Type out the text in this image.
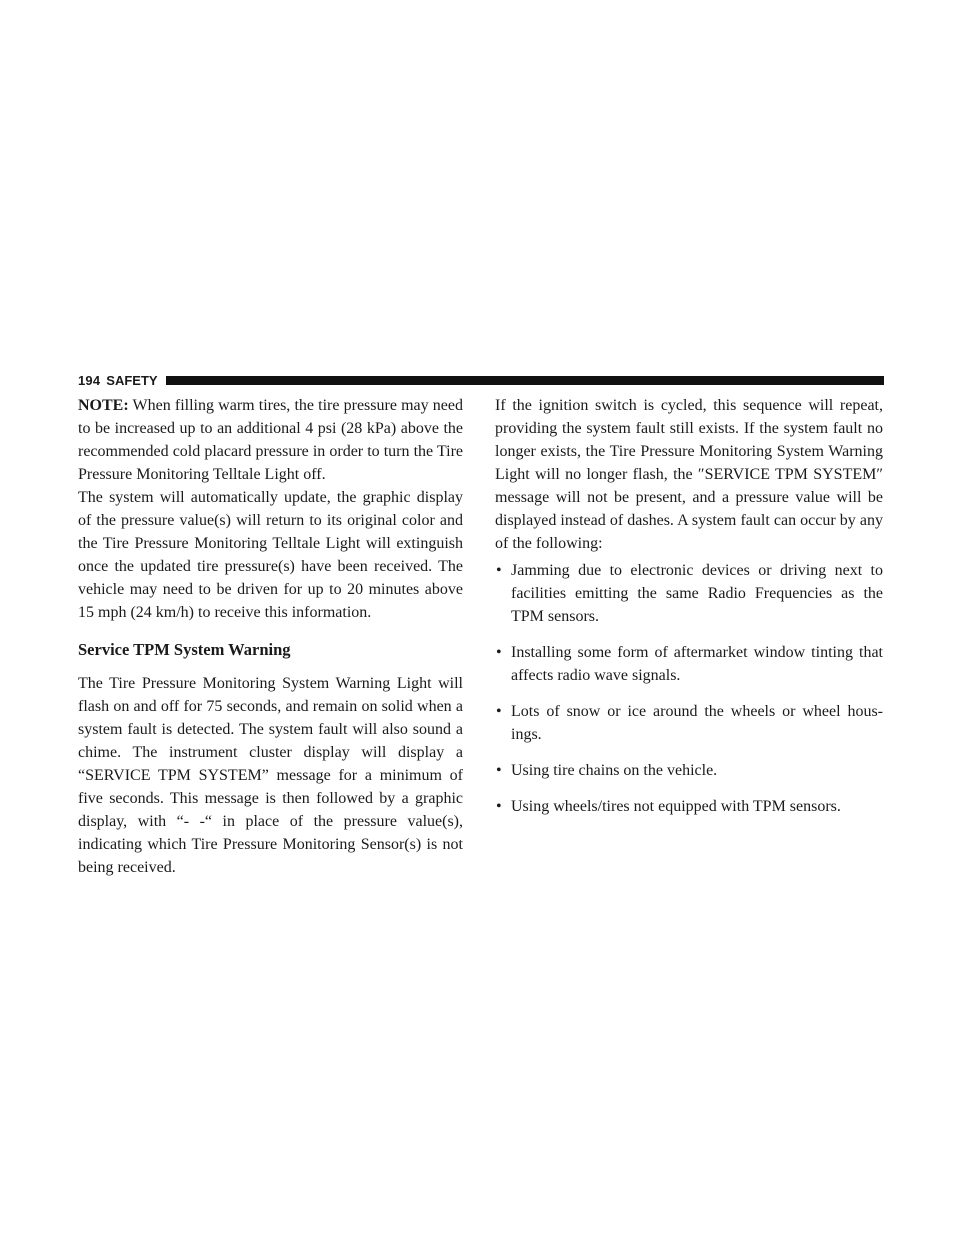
194 SAFETY

NOTE: When filling warm tires, the tire pressure may need to be increased up to an additional 4 psi (28 kPa) above the recommended cold placard pressure in order to turn the Tire Pressure Monitoring Telltale Light off.

The system will automatically update, the graphic display of the pressure value(s) will return to its original color and the Tire Pressure Monitoring Telltale Light will extinguish once the updated tire pressure(s) have been received. The vehicle may need to be driven for up to 20 minutes above 15 mph (24 km/h) to receive this information.

Service TPM System Warning

The Tire Pressure Monitoring System Warning Light will flash on and off for 75 seconds, and remain on solid when a system fault is detected. The system fault will also sound a chime. The instrument cluster display will display a “SERVICE TPM SYSTEM” message for a minimum of five seconds. This message is then followed by a graphic display, with “- -“ in place of the pressure value(s), indicating which Tire Pressure Monitoring Sensor(s) is not being received.

If the ignition switch is cycled, this sequence will repeat, providing the system fault still exists. If the system fault no longer exists, the Tire Pressure Monitoring System Warning Light will no longer flash, the ″SERVICE TPM SYSTEM″ message will not be present, and a pressure value will be displayed instead of dashes. A system fault can occur by any of the following:

• Jamming due to electronic devices or driving next to facilities emitting the same Radio Frequencies as the TPM sensors.
• Installing some form of aftermarket window tinting that affects radio wave signals.
• Lots of snow or ice around the wheels or wheel hous-ings.
• Using tire chains on the vehicle.
• Using wheels/tires not equipped with TPM sensors.
